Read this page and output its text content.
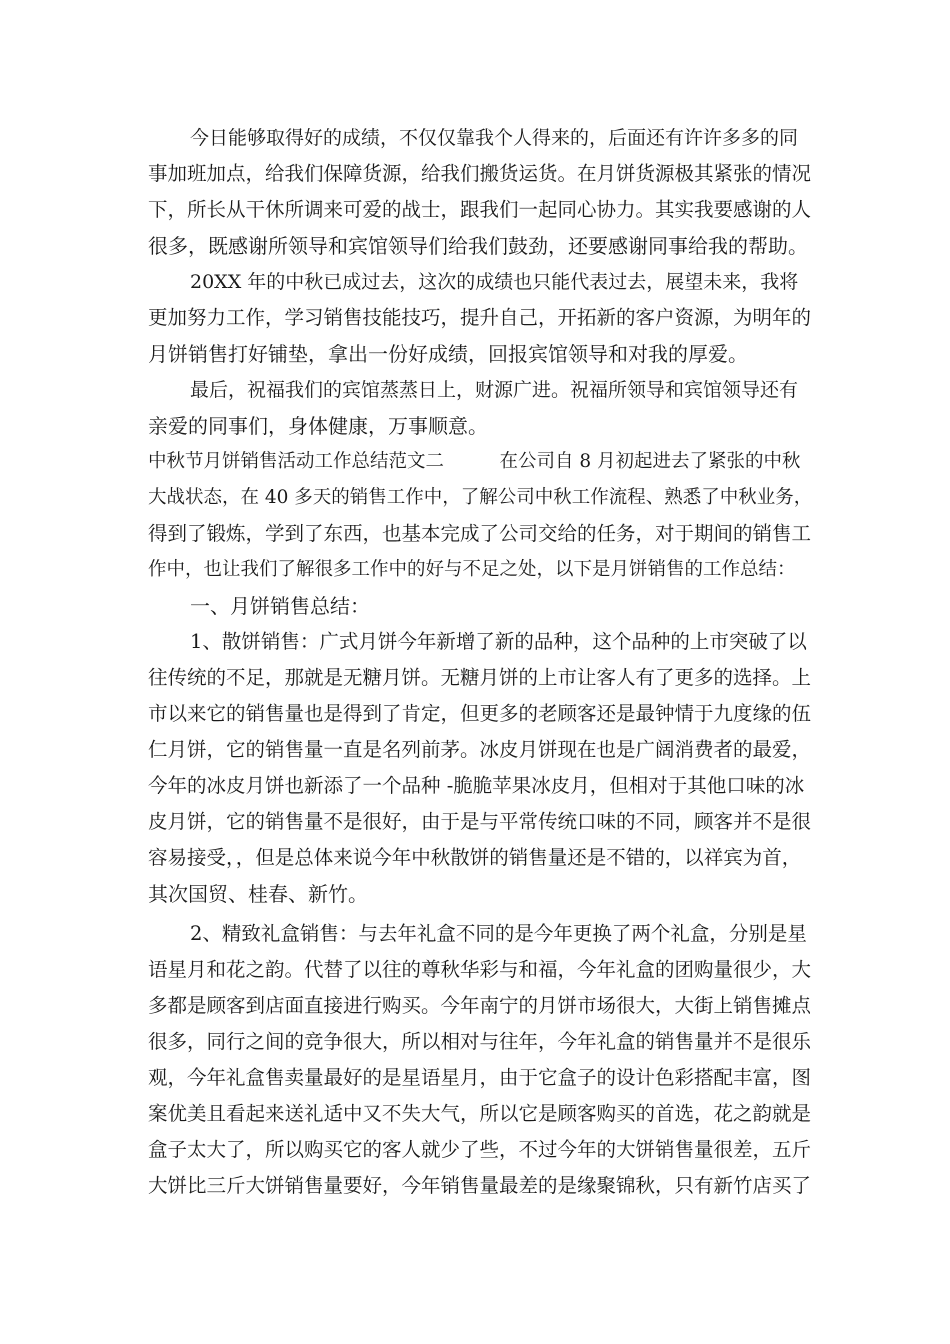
今日能够取得好的成绩，不仅仅靠我个人得来的，后面还有许许多多的同
事加班加点，给我们保障货源，给我们搬货运货。在月饼货源极其紧张的情况
下，所长从干休所调来可爱的战士，跟我们一起同心协力。其实我要感谢的人
很多，既感谢所领导和宾馆领导们给我们鼓劲，还要感谢同事给我的帮助。
20XX 年的中秋已成过去，这次的成绩也只能代表过去，展望未来，我将
更加努力工作，学习销售技能技巧，提升自己，开拓新的客户资源，为明年的
月饼销售打好铺垫，拿出一份好成绩，回报宾馆领导和对我的厚爱。
最后，祝福我们的宾馆蒸蒸日上，财源广进。祝福所领导和宾馆领导还有
亲爱的同事们，身体健康，万事顺意。
中秋节月饼销售活动工作总结范文二　　　在公司自 8 月初起进去了紧张的中秋
大战状态，在 40 多天的销售工作中，了解公司中秋工作流程、熟悉了中秋业务，
得到了锻炼，学到了东西，也基本完成了公司交给的任务，对于期间的销售工
作中，也让我们了解很多工作中的好与不足之处，以下是月饼销售的工作总结：
一、月饼销售总结：
1、散饼销售：广式月饼今年新增了新的品种，这个品种的上市突破了以
往传统的不足，那就是无糖月饼。无糖月饼的上市让客人有了更多的选择。上
市以来它的销售量也是得到了肯定，但更多的老顾客还是最钟情于九度缘的伍
仁月饼，它的销售量一直是名列前茅。冰皮月饼现在也是广阔消费者的最爱，
今年的冰皮月饼也新添了一个品种 -脆脆苹果冰皮月，但相对于其他口味的冰
皮月饼，它的销售量不是很好，由于是与平常传统口味的不同，顾客并不是很
容易接受，，但是总体来说今年中秋散饼的销售量还是不错的，以祥宾为首，
其次国贸、桂春、新竹。
2、精致礼盒销售：与去年礼盒不同的是今年更换了两个礼盒，分别是星
语星月和花之韵。代替了以往的尊秋华彩与和福，今年礼盒的团购量很少，大
多都是顾客到店面直接进行购买。今年南宁的月饼市场很大，大街上销售摊点
很多，同行之间的竞争很大，所以相对与往年，今年礼盒的销售量并不是很乐
观，今年礼盒售卖量最好的是星语星月，由于它盒子的设计色彩搭配丰富，图
案优美且看起来送礼适中又不失大气，所以它是顾客购买的首选，花之韵就是
盒子太大了，所以购买它的客人就少了些，不过今年的大饼销售量很差，五斤
大饼比三斤大饼销售量要好，今年销售量最差的是缘聚锦秋，只有新竹店买了
